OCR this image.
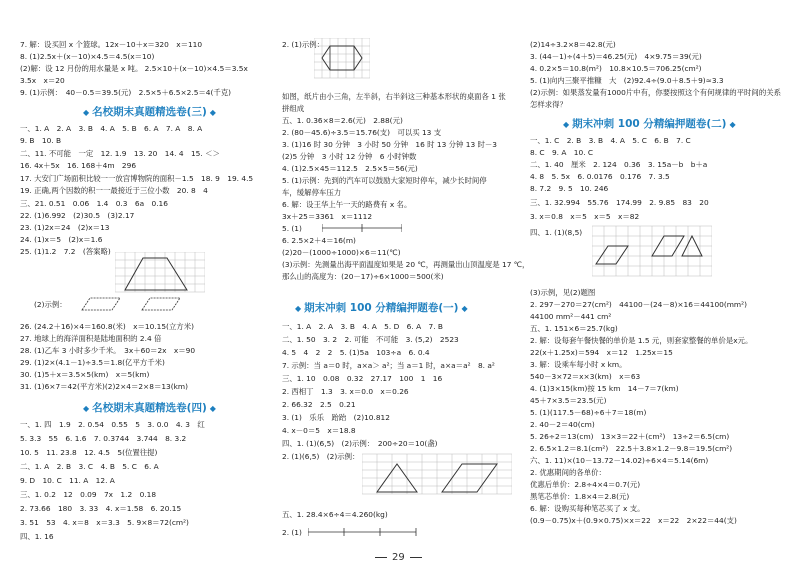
7. 解：设买回 x 个篮球。12x－10＋x＝320　x＝110
8. (1)2.5x＋(x－10)×4.5＝4.5(x＝10)
(2)解：设 12 月份的用水量是 x 吨。 2.5×10＋(x－10)×4.5＝3.5x
3.5x　x＝20
9. (1)示例：　40－0.5＝39.5(元)　2.5×5＋6.5×2.5＝4(千克)
◆ 名校期末真题精选卷(三) ◆
一、1. A　2. A　3. B　4. A　5. B　6. A　7. A　8. A
9. B　10. B
二、11. 不可能　一定　12. 1.9　13. 20　14. 4　15. ＜＞
16. 4x＋5x　16. 168＋4m　296
17. 大安门广场面积比较一一放宫博物院的面积－1.5　18. 9　19. 4.5
19. 正确,两个因数的积一一最接近于三位小数　20. 8　4
三、21. 0.51　0.06　1.4　0.3　6a　0.16
22. (1)6.992　(2)30.5　(3)2.17
23. (1)2x＝24　(2)x＝13
24. (1)x＝5　(2)x＝1.6
25. (1)1.2　7.2　(答案略)
(2)示例：
26. (24.2＋16)×4＝160.8(米)　x＝10.15(立方米)
27. 地球上的海洋面积是陆地面积的 2.4 倍
28. (1)乙车 3 小时多少千米。　3x＋60＝2x　x＝90
29. (1)2×(4.1－1)÷3.5＝1.8(亿平方千米)
30. (1)5＋x＝3.5×5(km)　x＝5(km)
31. (1)6×7＝42(平方米)(2)2×4＝2×8＝13(km)
◆ 名校期末真题精选卷(四) ◆
一、1. 四　1.9　2. 0.54　0.55　5　3. 0.0　4. 3　红
5. 3.3　55　6. 1.6　7. 0.3744　3.744　8. 3.2
10. 5　11. 23.8　12. 4.5　5(位置往提)
二、1. A　2. B　3. C　4. B　5. C　6. A
9. D　10. C　11. A　12. A
三、1. 0.2　12　0.09　7x　1.2　0.18
2. 73.66　180　3. 33　4. x＝1.58　6. 20.15
3. 51　53　4. x＝8　x＝3.3　5. 9×8＝72(cm²)
四、1. 16
2. (1)示例：
如图，纸片由小三角，左半斜，右半斜这三种基本形状的桌面各 1 张
拼组成
五、1. 0.36×8＝2.6(元)　2.88(元)
2. (80－45.6)÷3.5＝15.76(支)　可以买 13 支
3. (1)16 时 30 分钟　3 小时 50 分钟　16 时 13 分钟 13 时－3
(2)5 分钟　3 小时 12 分钟　6 小时钟数
4. (1)2.5×45＝112.5　2.5×5＝56(元)
5. (1)示例：先到的汽车可以鼓励大家短时停车，减少长时间停
车，缓解停车压力
6. 解：设王华上午一天的路费有 x 名。
3x＋25＝3361　x＝1112
5. (1)
6. 2.5×2＋4＝16(m)
(2)20－(1000÷1000)×6＝11(℃)
(3)示例：先测量出海平面温度如果是 20 ℃，再测量出山顶温度是 17 ℃，
那么山的高度为：(20－17)÷6×1000＝500(米)
◆ 期末冲刺 100 分精编押题卷(一) ◆
一、1. A　2. A　3. B　4. A　5. D　6. A　7. B
二、1. 50　3. 2　2. 可能　不可能　3. (5,2)　2523
4. 5　4　2　2　5. (1)5a　103÷a　6. 0.4
7. 示例：当 a＝0 时，a×a＞ a²；当 a＝1 时，a×a＝a²　8. a²
三、1. 10　0.08　0.32　27.17　100　1　16
2. 西相丁　1.3　3. x＝0.0　x＝0.26
2. 66.32　2.5　0.21
3. (1)　乐乐　跆跆　(2)10.812
4. x－0＝5　x＝18.8
四、1. (1)(6,5)　(2)示例：　200÷20＝10(盏)
2. (1)(6,5)　(2)示例：
五、1. 28.4×6÷4＝4.260(kg)
2. (1)
(2)14÷3.2×8＝42.8(元)
3. (44－1)÷(4＋5)＝46.25(元)　4×9.75＝39(元)
4. 0.2×5＝10.8(m²)　10.8×10.5＝706.25(cm²)
5. (1)向内三聚平推糠　大　(2)92.4÷(9.0＋8.5＋9)≈3.3
(2)示例：如果蒸发量有1000片中有，你要按照这个有何规律的平时间的关系
怎样求得？
◆ 期末冲刺 100 分精编押题卷(二) ◆
一、1. C　2. B　3. B　4. A　5. C　6. B　7. C
8. C　9. A　10. C
二、1. 40　厘米　2. 124　0.36　3. 15a－b　b＋a
4. 8　5. 5x　6. 0.0176　0.176　7. 3.5
8. 7.2　9. 5　10. 246
三、1. 32.994　55.76　174.99　2. 9.85　83　20
3. x＝0.8　x＝5　x＝5　x＝82
四、1. (1)(8,5)
(3)示例，见(2)题图
2. 297－270＝27(cm²)　44100－(24－8)×16＝44100(mm²)
44100 mm²－441 cm²
五、1. 151×6＝25.7(kg)
2. 解：设每套午餐快餐的单价是 1.5 元，则套家整餐的单价是x元。
22(x＋1.25x)＝594　x＝12　1.25x＝15
3. 解：设乘车每小时 x km。
540－3×72＝x×3(km)　x＝63
4. (1)3×15(km)按 15 km　14－7＝7(km)
45＋7×3.5＝23.5(元)
5. (1)(117.5－68)÷6＋7＝18(m)
2. 40－2＝40(cm)
5. 26÷2＝13(cm)　13×3＝22＋(cm²)　13÷2＝6.5(cm)
2. 6.5×1.2＝8.1(cm²)　22.5＋3.8×1.2－9.8＝19.5(cm²)
六、1. 11)×(10－13.72－14.02)÷6×4＝5.14(6m)
2. 优惠期间的各单价：
优惠后单价：2.8÷4×4＝0.7(元)
黑笔芯单价：1.8×4＝2.8(元)
6. 解：设购买每种笔芯买了 x 支。
(0.9－0.75)x＋(0.9×0.75)×x＝22　x＝22　2×22＝44(支)
29
